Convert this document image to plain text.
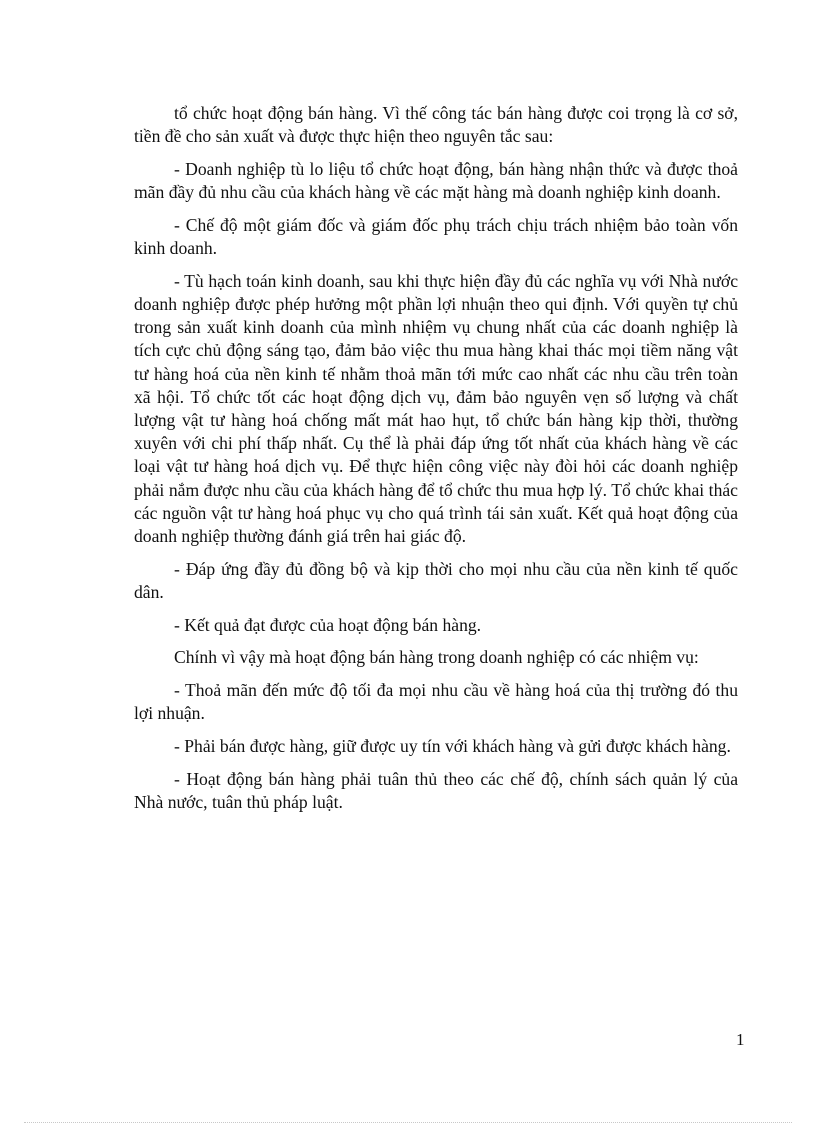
tổ chức hoạt động bán hàng. Vì thế công tác bán hàng được coi trọng là cơ sở, tiền đề cho sản xuất và được thực hiện theo nguyên tắc sau:

- Doanh nghiệp tù lo liệu tổ chức hoạt động, bán hàng nhận thức và được thoả mãn đầy đủ nhu cầu của khách hàng về các mặt hàng mà doanh nghiệp kinh doanh.

- Chế độ một giám đốc và giám đốc phụ trách chịu trách nhiệm bảo toàn vốn kinh doanh.

- Tù hạch toán kinh doanh, sau khi thực hiện đầy đủ các nghĩa vụ với Nhà nước doanh nghiệp được phép hưởng một phần lợi nhuận theo qui định. Với quyền tự chủ trong sản xuất kinh doanh của mình nhiệm vụ chung nhất của các doanh nghiệp là tích cực chủ động sáng tạo, đảm bảo việc thu mua hàng khai thác mọi tiềm năng vật tư hàng hoá của nền kinh tế nhằm thoả mãn tới mức cao nhất các nhu cầu trên toàn xã hội. Tổ chức tốt các hoạt động dịch vụ, đảm bảo nguyên vẹn số lượng và chất lượng vật tư hàng hoá chống mất mát hao hụt, tổ chức bán hàng kịp thời, thường xuyên với chi phí thấp nhất. Cụ thể là phải đáp ứng tốt nhất của khách hàng về các loại vật tư hàng hoá dịch vụ. Để thực hiện công việc này đòi hỏi các doanh nghiệp phải nắm được nhu cầu của khách hàng để tổ chức thu mua hợp lý. Tổ chức khai thác các nguồn vật tư hàng hoá phục vụ cho quá trình tái sản xuất. Kết quả hoạt động của doanh nghiệp thường đánh giá trên hai giác độ.

- Đáp ứng đầy đủ đồng bộ và kịp thời cho mọi nhu cầu của nền kinh tế quốc dân.

- Kết quả đạt được của hoạt động bán hàng.

Chính vì vậy mà hoạt động bán hàng trong doanh nghiệp có các nhiệm vụ:

- Thoả mãn đến mức độ tối đa mọi nhu cầu về hàng hoá của thị trường đó thu lợi nhuận.

- Phải bán được hàng, giữ được uy tín với khách hàng và gửi được khách hàng.

- Hoạt động bán hàng phải tuân thủ theo các chế độ, chính sách quản lý của Nhà nước, tuân thủ pháp luật.

1
